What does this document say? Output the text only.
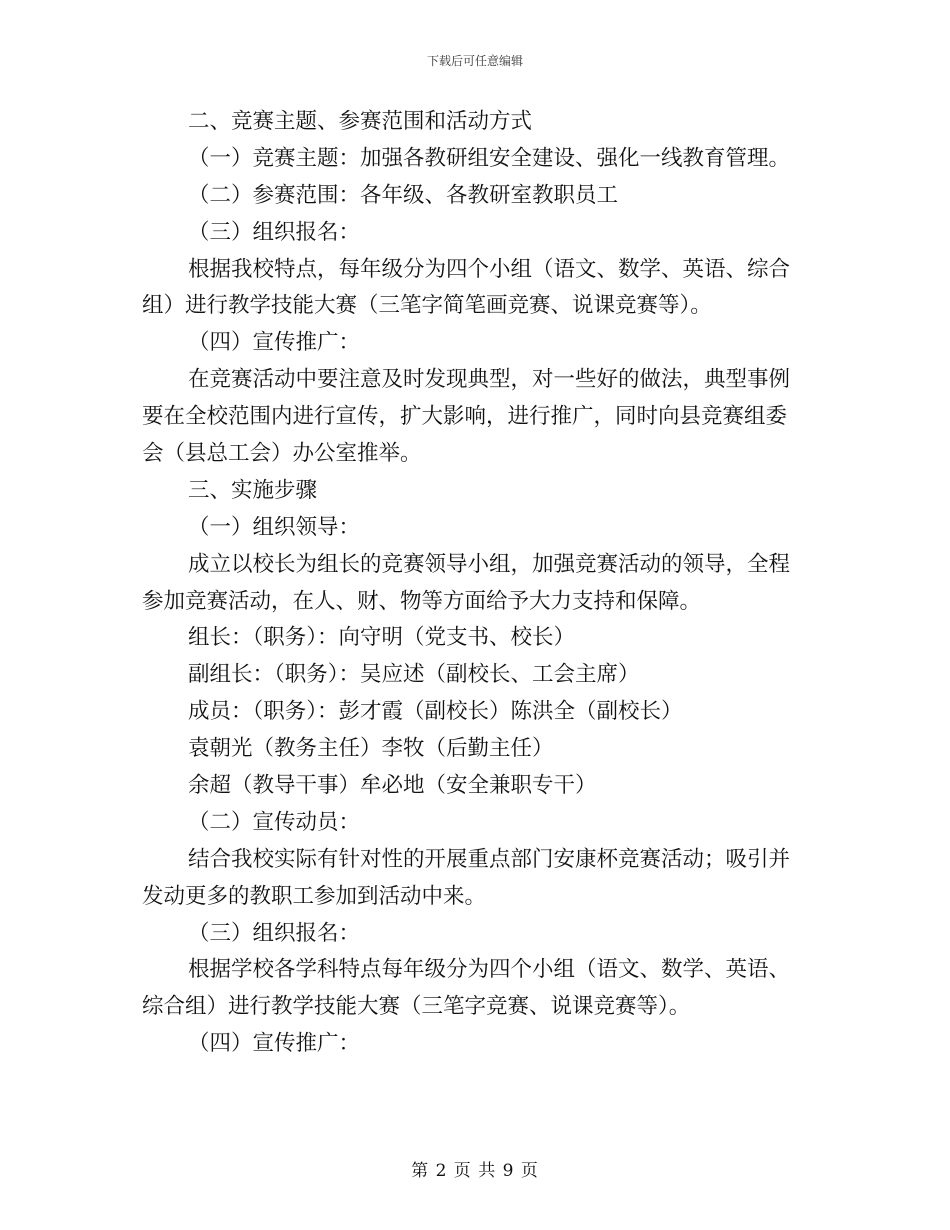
下载后可任意编辑
二、竞赛主题、参赛范围和活动方式
（一）竞赛主题：加强各教研组安全建设、强化一线教育管理。
（二）参赛范围：各年级、各教研室教职员工
（三）组织报名：
根据我校特点，每年级分为四个小组（语文、数学、英语、综合
组）进行教学技能大赛（三笔字简笔画竞赛、说课竞赛等）。
（四）宣传推广：
在竞赛活动中要注意及时发现典型，对一些好的做法，典型事例
要在全校范围内进行宣传，扩大影响，进行推广，同时向县竞赛组委
会（县总工会）办公室推举。
三、实施步骤
（一）组织领导：
成立以校长为组长的竞赛领导小组，加强竞赛活动的领导，全程
参加竞赛活动，在人、财、物等方面给予大力支持和保障。
组长：（职务）：向守明（党支书、校长）
副组长：（职务）：吴应述（副校长、工会主席）
成员：（职务）：彭才霞（副校长）陈洪全（副校长）
袁朝光（教务主任）李牧（后勤主任）
余超（教导干事）牟必地（安全兼职专干）
（二）宣传动员：
结合我校实际有针对性的开展重点部门安康杯竞赛活动；吸引并
发动更多的教职工参加到活动中来。
（三）组织报名：
根据学校各学科特点每年级分为四个小组（语文、数学、英语、
综合组）进行教学技能大赛（三笔字竞赛、说课竞赛等）。
（四）宣传推广：
第 2 页 共 9 页
